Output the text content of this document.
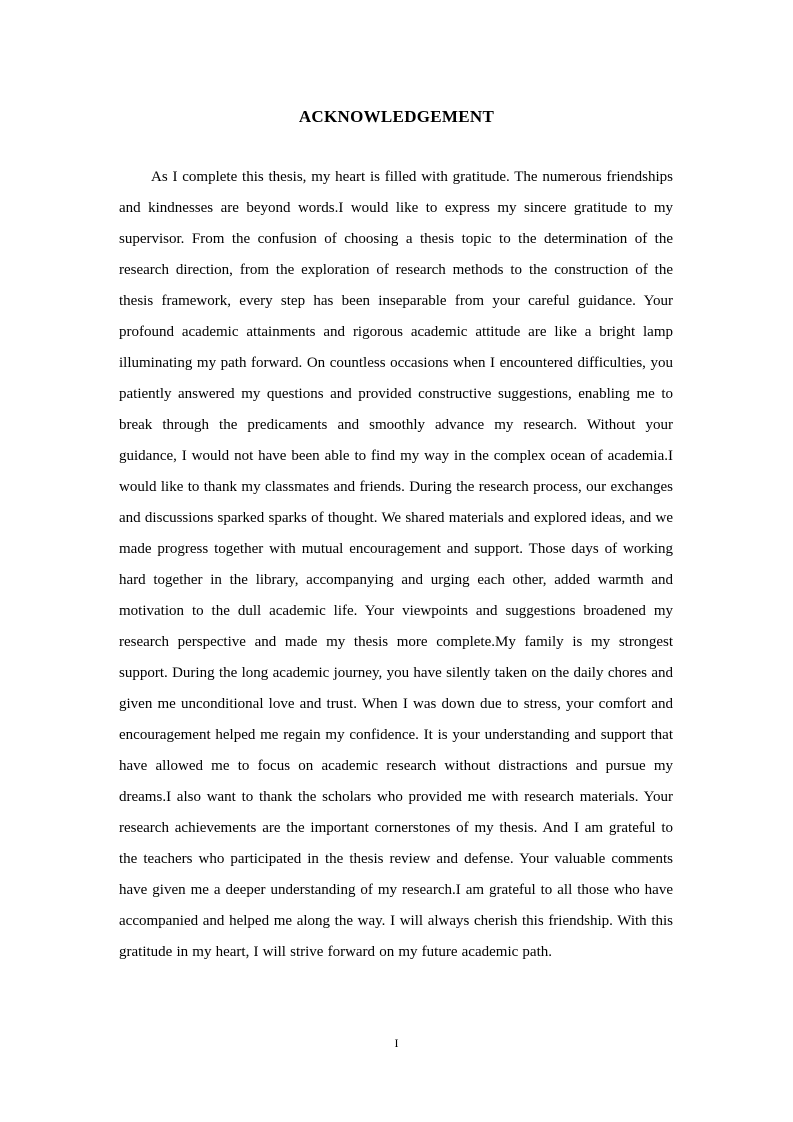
ACKNOWLEDGEMENT

As I complete this thesis, my heart is filled with gratitude. The numerous friendships and kindnesses are beyond words.I would like to express my sincere gratitude to my supervisor. From the confusion of choosing a thesis topic to the determination of the research direction, from the exploration of research methods to the construction of the thesis framework, every step has been inseparable from your careful guidance. Your profound academic attainments and rigorous academic attitude are like a bright lamp illuminating my path forward. On countless occasions when I encountered difficulties, you patiently answered my questions and provided constructive suggestions, enabling me to break through the predicaments and smoothly advance my research. Without your guidance, I would not have been able to find my way in the complex ocean of academia.I would like to thank my classmates and friends. During the research process, our exchanges and discussions sparked sparks of thought. We shared materials and explored ideas, and we made progress together with mutual encouragement and support. Those days of working hard together in the library, accompanying and urging each other, added warmth and motivation to the dull academic life. Your viewpoints and suggestions broadened my research perspective and made my thesis more complete.My family is my strongest support. During the long academic journey, you have silently taken on the daily chores and given me unconditional love and trust. When I was down due to stress, your comfort and encouragement helped me regain my confidence. It is your understanding and support that have allowed me to focus on academic research without distractions and pursue my dreams.I also want to thank the scholars who provided me with research materials. Your research achievements are the important cornerstones of my thesis. And I am grateful to the teachers who participated in the thesis review and defense. Your valuable comments have given me a deeper understanding of my research.I am grateful to all those who have accompanied and helped me along the way. I will always cherish this friendship. With this gratitude in my heart, I will strive forward on my future academic path.

I
